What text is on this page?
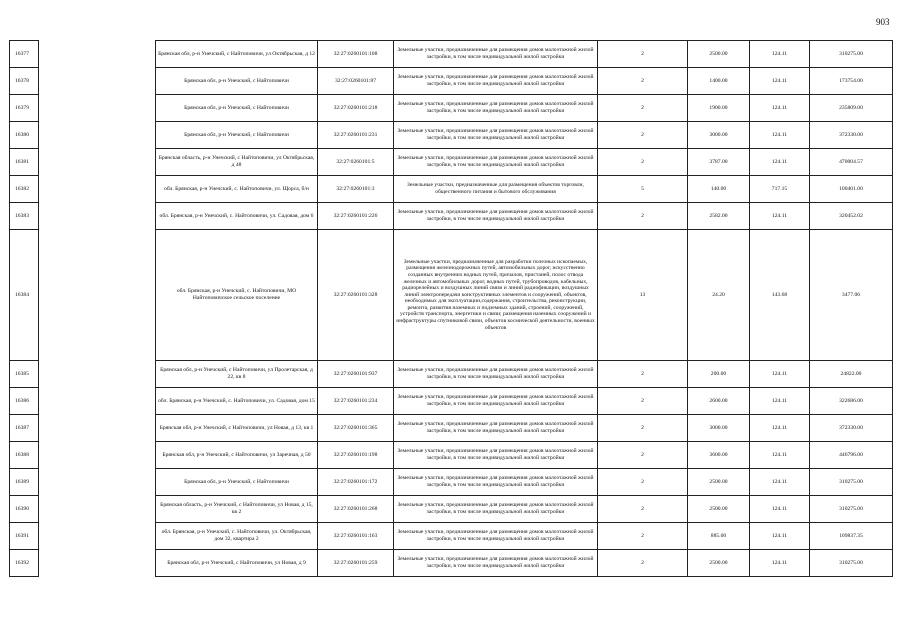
903
16377		Брянская обл, р-н Унечский, с Найтоповичи, ул Октябрьская, д 12	32:27:0260101:108	Земельные участки, предназначенные для размещения домов малоэтажной жилой застройки, в том числе индивидуальной жилой застройки	2	2500.00	124.11	310275.00
16378		Брянская обл, р-н Унечский, с Найтоповичи	32:27:0260101:87	Земельные участки, предназначенные для размещения домов малоэтажной жилой застройки, в том числе индивидуальной жилой застройки	2	1400.00	124.11	173754.00
16379		Брянская обл, р-н Унечский, с Найтоповичи	32:27:0260101:218	Земельные участки, предназначенные для размещения домов малоэтажной жилой застройки, в том числе индивидуальной жилой застройки	2	1900.00	124.11	235809.00
16380		Брянская обл, р-н Унечский, с Найтоповичи	32:27:0260101:231	Земельные участки, предназначенные для размещения домов малоэтажной жилой застройки, в том числе индивидуальной жилой застройки	2	3000.00	124.11	372330.00
16381		Брянская область, р-н Унечский, с Найтоповичи, ул Октябрьская, д 48	32:27:0260101:5	Земельные участки, предназначенные для размещения домов малоэтажной жилой застройки, в том числе индивидуальной жилой застройки	2	3787.00	124.11	470004.57
16382		обл. Брянская, р-н Унечский, с. Найтоповичи, ул. Щорса, б/н	32:27:0260101:3	Земельные участки, предназначенные для размещения объектов торговли, общественного питания и бытового обслуживания	5	140.00	717.15	100401.00
16383		обл. Брянская, р-н Унечский, с. Найтоповичи, ул. Садовая, дом 6	32:27:0260101:226	Земельные участки, предназначенные для размещения домов малоэтажной жилой застройки, в том числе индивидуальной жилой застройки	2	2582.00	124.11	320452.02
16384		обл. Брянская, р-н Унечский, с. Найтоповичи, МО Найтоповичское сельское поселение	32:27:0260101:328	Земельные участки, предназначенные для разработки полезных ископаемых, размещения железнодорожных путей, автомобильных дорог, искусственно созданных внутренних водных путей, причалов, пристаней, полос отвода железных и автомобильных дорог, водных путей, трубопроводов, кабельных, радиорелейных и воздушных линий связи и линий радиофикации, воздушных линий электропередачи конструктивных элементов и сооружений, объектов, необходимых для эксплуатации,содержания, строительства, реконструкции, ремонта, развития наземных и подземных зданий, строений, сооружений, устройств транспорта, энергетики и связи; размещения наземных сооружений и инфраструктуры спутниковой связи, объектов космической деятельности, военных объектов	13	24.20	143.68	3477.06
16385		Брянская обл, р-н Унечский, с Найтоповичи, ул Пролетарская, д 22, кв 8	32:27:0260101:937	Земельные участки, предназначенные для размещения домов малоэтажной жилой застройки, в том числе индивидуальной жилой застройки	2	200.00	124.11	24822.00
16386		обл. Брянская, р-н Унечский, с. Найтоповичи, ул. Садовая, дом 15	32:27:0260101:234	Земельные участки, предназначенные для размещения домов малоэтажной жилой застройки, в том числе индивидуальной жилой застройки	2	2600.00	124.11	322686.00
16387		Брянская обл, р-н Унечский, с Найтоповичи, ул Новая, д 13, кв 1	32:27:0260101:365	Земельные участки, предназначенные для размещения домов малоэтажной жилой застройки, в том числе индивидуальной жилой застройки	2	3000.00	124.11	372330.00
16388		Брянская обл, р-н Унечский, с Найтоповичи, ул Заречная, д 50	32:27:0260101:198	Земельные участки, предназначенные для размещения домов малоэтажной жилой застройки, в том числе индивидуальной жилой застройки	2	3600.00	124.11	446796.00
16389		Брянская обл, р-н Унечский, с Найтоповичи	32:27:0260101:172	Земельные участки, предназначенные для размещения домов малоэтажной жилой застройки, в том числе индивидуальной жилой застройки	2	2500.00	124.11	310275.00
16390		Брянская область, р-н Унечский, с Найтоповичи, ул Новая, д 15, кв 2	32:27:0260101:268	Земельные участки, предназначенные для размещения домов малоэтажной жилой застройки, в том числе индивидуальной жилой застройки	2	2500.00	124.11	310275.00
16391		обл. Брянская, р-н Унечский, с. Найтоповичи, ул. Октябрьская, дом 32, квартира 2	32:27:0260101:163	Земельные участки, предназначенные для размещения домов малоэтажной жилой застройки, в том числе индивидуальной жилой застройки	2	885.00	124.11	109837.35
16392		Брянская обл, р-н Унечский, с Найтоповичи, ул Новая, д 9	32:27:0260101:259	Земельные участки, предназначенные для размещения домов малоэтажной жилой застройки, в том числе индивидуальной жилой застройки	2	2500.00	124.11	310275.00
